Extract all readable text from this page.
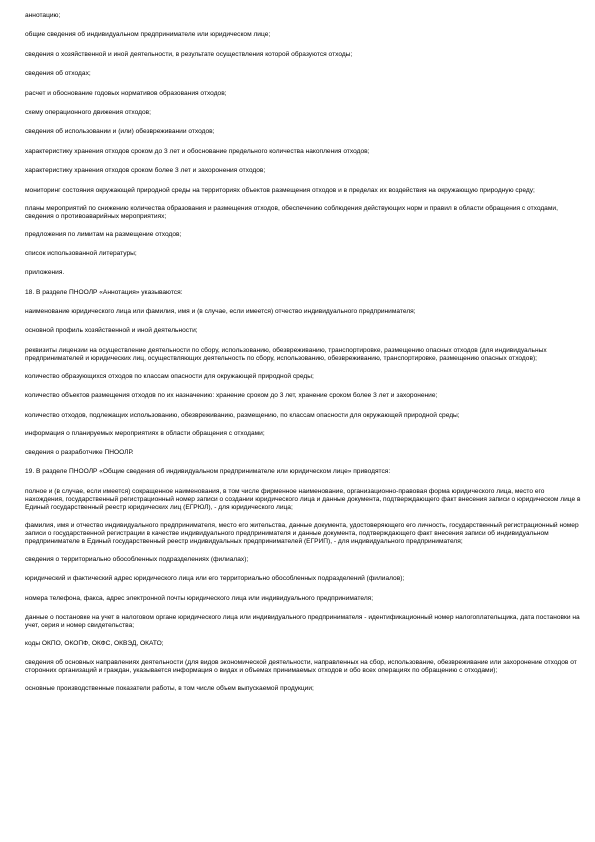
аннотацию;

общие сведения об индивидуальном предпринимателе или юридическом лице;

сведения о хозяйственной и иной деятельности, в результате осуществления которой образуются отходы;

сведения об отходах;

расчет и обоснование годовых нормативов образования отходов;

схему операционного движения отходов;

сведения об использовании и (или) обезвреживании отходов;

характеристику хранения отходов сроком до 3 лет и обоснование предельного количества накопления отходов;

характеристику хранения отходов сроком более 3 лет и захоронения отходов;

мониторинг состояния окружающей природной среды на территориях объектов размещения отходов и в пределах их воздействия на окружающую природную среду;

планы мероприятий по снижению количества образования и размещения отходов, обеспечению соблюдения действующих норм и правил в области обращения с отходами, сведения о противоаварийных мероприятиях;

предложения по лимитам на размещение отходов;

список использованной литературы;

приложения.

18. В разделе ПНООЛР «Аннотация» указываются:

наименование юридического лица или фамилия, имя и (в случае, если имеется) отчество индивидуального предпринимателя;

основной профиль хозяйственной и иной деятельности;

реквизиты лицензии на осуществление деятельности по сбору, использованию, обезвреживанию, транспортировке, размещению опасных отходов (для индивидуальных предпринимателей и юридических лиц, осуществляющих деятельность по сбору, использованию, обезвреживанию, транспортировке, размещению опасных отходов);

количество образующихся отходов по классам опасности для окружающей природной среды;

количество объектов размещения отходов по их назначению: хранение сроком до 3 лет, хранение сроком более 3 лет и захоронение;

количество отходов, подлежащих использованию, обезвреживанию, размещению, по классам опасности для окружающей природной среды;

информация о планируемых мероприятиях в области обращения с отходами;

сведения о разработчике ПНООЛР.

19. В разделе ПНООЛР «Общие сведения об индивидуальном предпринимателе или юридическом лице» приводятся:

полное и (в случае, если имеется) сокращенное наименования, в том числе фирменное наименование, организационно-правовая форма юридического лица, место его нахождения, государственный регистрационный номер записи о создании юридического лица и данные документа, подтверждающего факт внесения записи о юридическом лице в Единый государственный реестр юридических лиц (ЕГРЮЛ), - для юридического лица;

фамилия, имя и отчество индивидуального предпринимателя, место его жительства, данные документа, удостоверяющего его личность, государственный регистрационный номер записи о государственной регистрации в качестве индивидуального предпринимателя и данные документа, подтверждающего факт внесения записи об индивидуальном предпринимателе в Единый государственный реестр индивидуальных предпринимателей (ЕГРИП), - для индивидуального предпринимателя;

сведения о территориально обособленных подразделениях (филиалах);

юридический и фактический адрес юридического лица или его территориально обособленных подразделений (филиалов);

номера телефона, факса, адрес электронной почты юридического лица или индивидуального предпринимателя;

данные о постановке на учет в налоговом органе юридического лица или индивидуального предпринимателя - идентификационный номер налогоплательщика, дата постановки на учет, серия и номер свидетельства;

коды ОКПО, ОКОПФ, ОКФС, ОКВЭД, ОКАТО;

сведения об основных направлениях деятельности (для видов экономической деятельности, направленных на сбор, использование, обезвреживание или захоронение отходов от сторонних организаций и граждан, указывается информация о видах и объемах принимаемых отходов и обо всех операциях по обращению с отходами);

основные производственные показатели работы, в том числе объем выпускаемой продукции;
